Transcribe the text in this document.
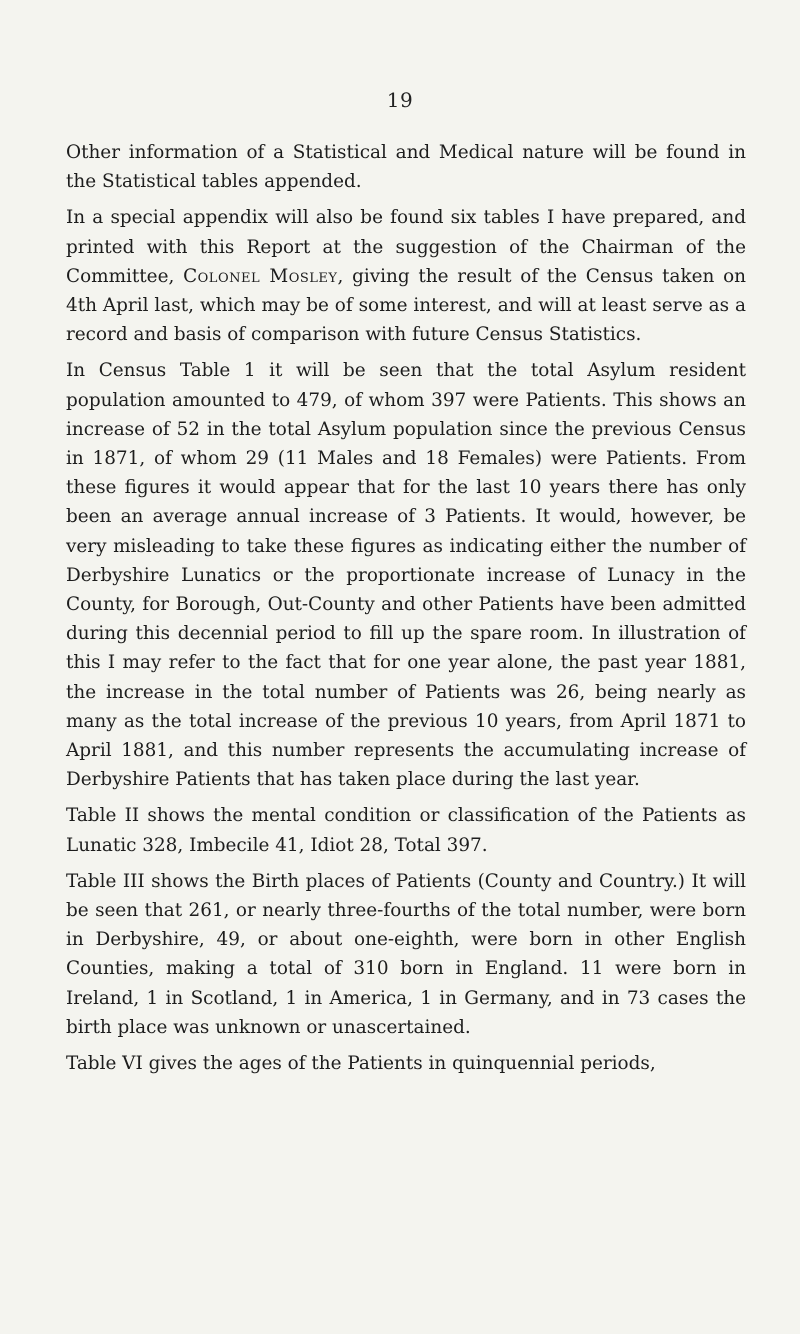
19

Other information of a Statistical and Medical nature will be found in the Statistical tables appended.

In a special appendix will also be found six tables I have prepared, and printed with this Report at the suggestion of the Chairman of the Committee, Colonel Mosley, giving the result of the Census taken on 4th April last, which may be of some interest, and will at least serve as a record and basis of comparison with future Census Statistics.

In Census Table 1 it will be seen that the total Asylum resident population amounted to 479, of whom 397 were Patients. This shows an increase of 52 in the total Asylum population since the previous Census in 1871, of whom 29 (11 Males and 18 Females) were Patients. From these figures it would appear that for the last 10 years there has only been an average annual increase of 3 Patients. It would, however, be very misleading to take these figures as indicating either the number of Derbyshire Lunatics or the proportionate increase of Lunacy in the County, for Borough, Out-County and other Patients have been admitted during this decennial period to fill up the spare room. In illustration of this I may refer to the fact that for one year alone, the past year 1881, the increase in the total number of Patients was 26, being nearly as many as the total increase of the previous 10 years, from April 1871 to April 1881, and this number represents the accumulating increase of Derbyshire Patients that has taken place during the last year.

Table II shows the mental condition or classification of the Patients as Lunatic 328, Imbecile 41, Idiot 28, Total 397.

Table III shows the Birth places of Patients (County and Country.) It will be seen that 261, or nearly three-fourths of the total number, were born in Derbyshire, 49, or about one-eighth, were born in other English Counties, making a total of 310 born in England. 11 were born in Ireland, 1 in Scotland, 1 in America, 1 in Germany, and in 73 cases the birth place was unknown or unascertained.

Table VI gives the ages of the Patients in quinquennial periods,
